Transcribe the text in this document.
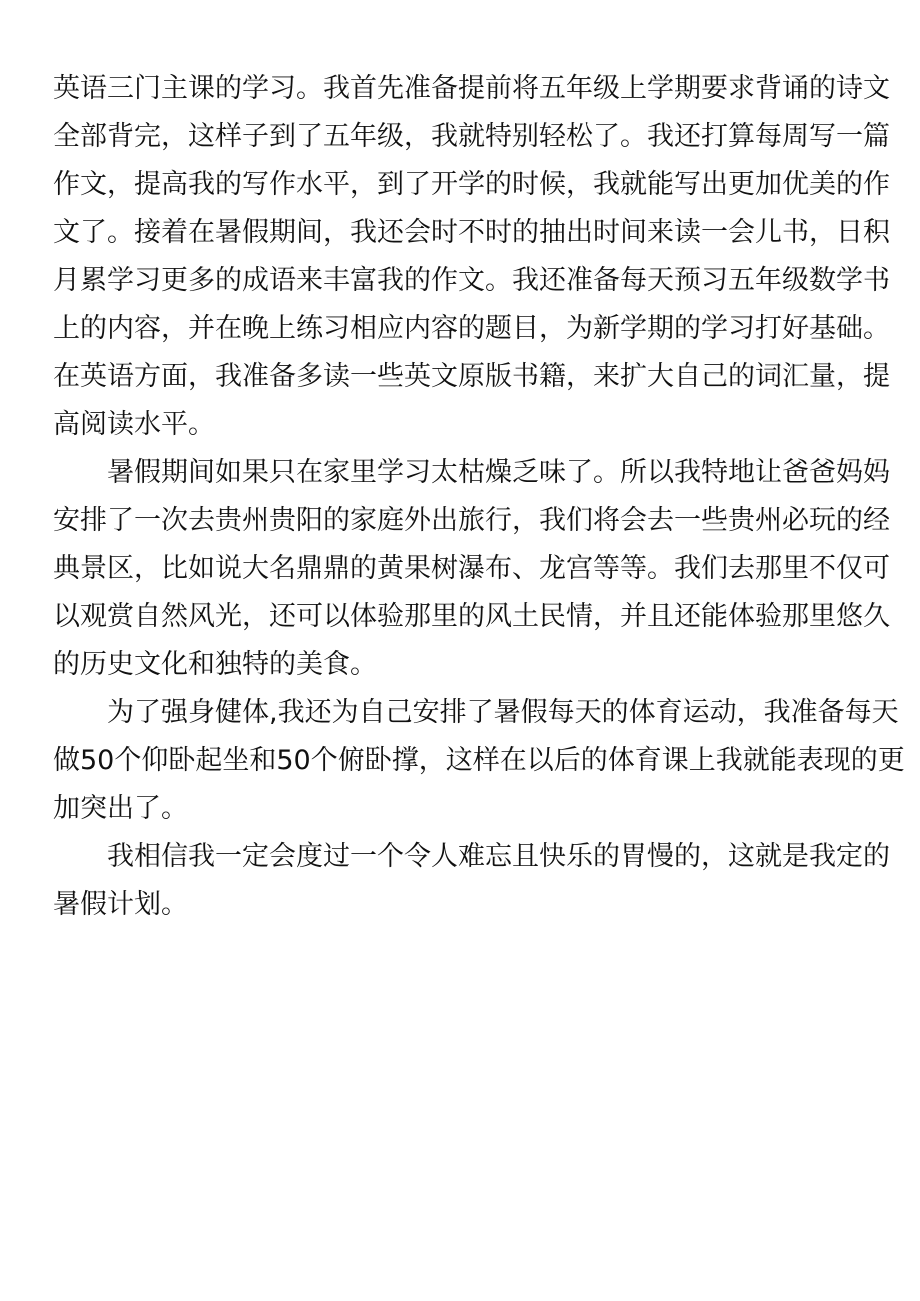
英语三门主课的学习。我首先准备提前将五年级上学期要求背诵的诗文
全部背完，这样子到了五年级，我就特别轻松了。我还打算每周写一篇
作文，提高我的写作水平，到了开学的时候，我就能写出更加优美的作
文了。接着在暑假期间，我还会时不时的抽出时间来读一会儿书，日积
月累学习更多的成语来丰富我的作文。我还准备每天预习五年级数学书
上的内容，并在晚上练习相应内容的题目，为新学期的学习打好基础。
在英语方面，我准备多读一些英文原版书籍，来扩大自己的词汇量，提
高阅读水平。
暑假期间如果只在家里学习太枯燥乏味了。所以我特地让爸爸妈妈
安排了一次去贵州贵阳的家庭外出旅行，我们将会去一些贵州必玩的经
典景区，比如说大名鼎鼎的黄果树瀑布、龙宫等等。我们去那里不仅可
以观赏自然风光，还可以体验那里的风土民情，并且还能体验那里悠久
的历史文化和独特的美食。
为了强身健体,我还为自己安排了暑假每天的体育运动，我准备每天
做50个仰卧起坐和50个俯卧撑，这样在以后的体育课上我就能表现的更
加突出了。
我相信我一定会度过一个令人难忘且快乐的胃慢的，这就是我定的
暑假计划。
